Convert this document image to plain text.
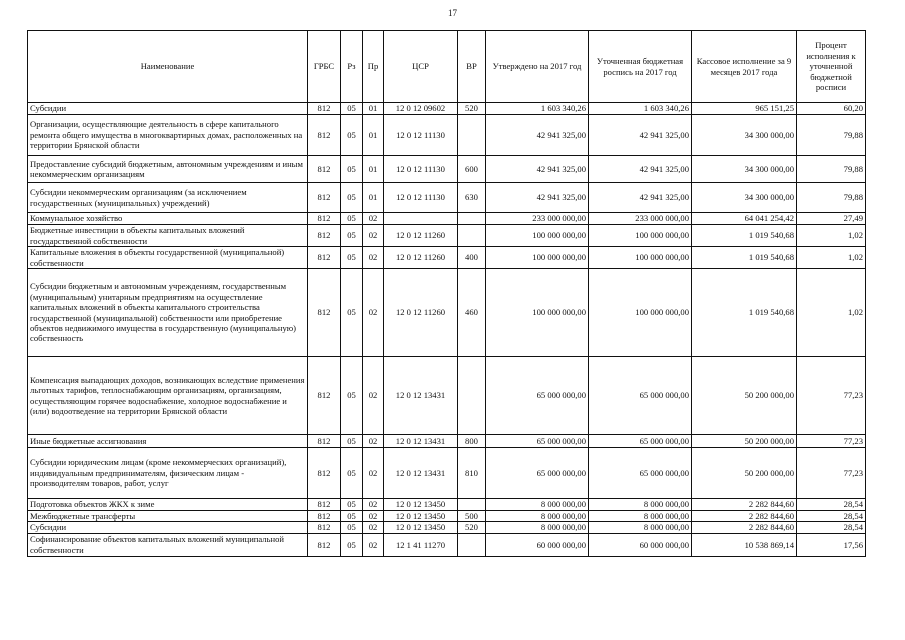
17
Наименование	ГРБС	Рз	Пр	ЦСР	ВР	Утверждено на 2017 год	Уточненная бюджетная роспись на 2017 год	Кассовое исполнение за 9 месяцев 2017 года	Процент исполнения к уточненной бюджетной росписи
Субсидии	812	05	01	12 0 12 09602	520	1 603 340,26	1 603 340,26	965 151,25	60,20
Организации, осуществляющие деятельность в сфере капитального ремонта общего имущества в многоквартирных домах, расположенных на территории Брянской области	812	05	01	12 0 12 11130		42 941 325,00	42 941 325,00	34 300 000,00	79,88
Предоставление субсидий бюджетным, автономным учреждениям и иным некоммерческим организациям	812	05	01	12 0 12 11130	600	42 941 325,00	42 941 325,00	34 300 000,00	79,88
Субсидии некоммерческим организациям (за исключением государственных (муниципальных) учреждений)	812	05	01	12 0 12 11130	630	42 941 325,00	42 941 325,00	34 300 000,00	79,88
Коммунальное хозяйство	812	05	02			233 000 000,00	233 000 000,00	64 041 254,42	27,49
Бюджетные инвестиции в объекты капитальных вложений государственной собственности	812	05	02	12 0 12 11260		100 000 000,00	100 000 000,00	1 019 540,68	1,02
Капитальные вложения в объекты государственной (муниципальной) собственности	812	05	02	12 0 12 11260	400	100 000 000,00	100 000 000,00	1 019 540,68	1,02
Субсидии бюджетным и автономным учреждениям, государственным (муниципальным) унитарным предприятиям на осуществление капитальных вложений в объекты капитального строительства государственной (муниципальной) собственности или приобретение объектов недвижимого имущества в государственную (муниципальную) собственность	812	05	02	12 0 12 11260	460	100 000 000,00	100 000 000,00	1 019 540,68	1,02
Компенсация выпадающих доходов, возникающих вследствие применения льготных тарифов, теплоснабжающим организациям, организациям, осуществляющим горячее водоснабжение, холодное водоснабжение и (или) водоотведение на территории Брянской области	812	05	02	12 0 12 13431		65 000 000,00	65 000 000,00	50 200 000,00	77,23
Иные бюджетные ассигнования	812	05	02	12 0 12 13431	800	65 000 000,00	65 000 000,00	50 200 000,00	77,23
Субсидии юридическим лицам (кроме некоммерческих организаций), индивидуальным предпринимателям, физическим лицам - производителям товаров, работ, услуг	812	05	02	12 0 12 13431	810	65 000 000,00	65 000 000,00	50 200 000,00	77,23
Подготовка объектов ЖКХ к зиме	812	05	02	12 0 12 13450		8 000 000,00	8 000 000,00	2 282 844,60	28,54
Межбюджетные трансферты	812	05	02	12 0 12 13450	500	8 000 000,00	8 000 000,00	2 282 844,60	28,54
Субсидии	812	05	02	12 0 12 13450	520	8 000 000,00	8 000 000,00	2 282 844,60	28,54
Софинансирование объектов капитальных вложений муниципальной собственности	812	05	02	12 1 41 11270		60 000 000,00	60 000 000,00	10 538 869,14	17,56
